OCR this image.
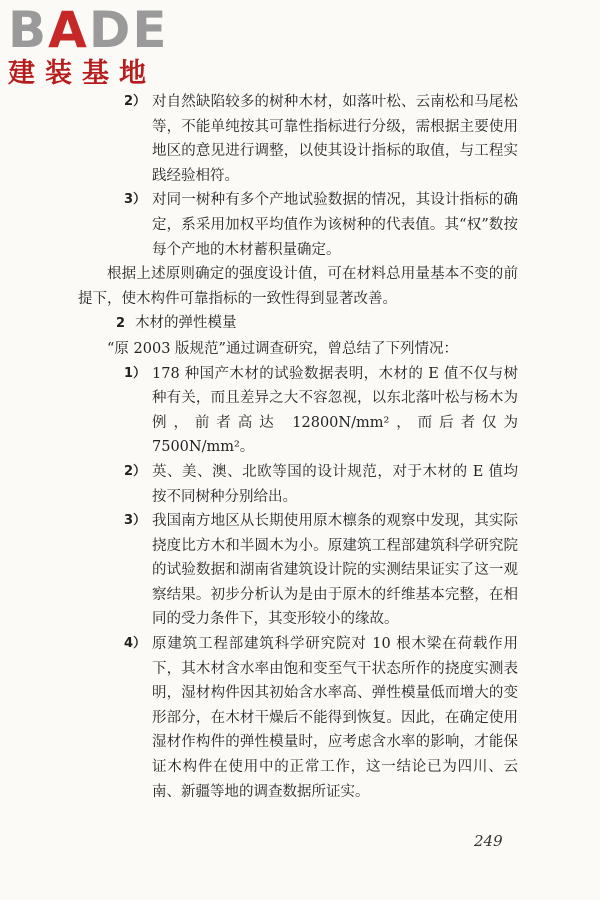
BADE
建装基地
2） 对自然缺陷较多的树种木材，如落叶松、云南松和马尾松等，不能单纯按其可靠性指标进行分级，需根据主要使用地区的意见进行调整，以使其设计指标的取值，与工程实践经验相符。
3） 对同一树种有多个产地试验数据的情况，其设计指标的确定，系采用加权平均值作为该树种的代表值。其“权”数按每个产地的木材蓄积量确定。
根据上述原则确定的强度设计值，可在材料总用量基本不变的前提下，使木构件可靠指标的一致性得到显著改善。
2 木材的弹性模量
“原 2003 版规范”通过调查研究，曾总结了下列情况：
1） 178 种国产木材的试验数据表明，木材的 E 值不仅与树种有关，而且差异之大不容忽视，以东北落叶松与杨木为例，前者高达 12800N/mm²，而后者仅为 7500N/mm²。
2） 英、美、澳、北欧等国的设计规范，对于木材的 E 值均按不同树种分别给出。
3） 我国南方地区从长期使用原木檩条的观察中发现，其实际挠度比方木和半圆木为小。原建筑工程部建筑科学研究院的试验数据和湖南省建筑设计院的实测结果证实了这一观察结果。初步分析认为是由于原木的纤维基本完整，在相同的受力条件下，其变形较小的缘故。
4） 原建筑工程部建筑科学研究院对 10 根木梁在荷载作用下，其木材含水率由饱和变至气干状态所作的挠度实测表明，湿材构件因其初始含水率高、弹性模量低而增大的变形部分，在木材干燥后不能得到恢复。因此，在确定使用湿材作构件的弹性模量时，应考虑含水率的影响，才能保证木构件在使用中的正常工作，这一结论已为四川、云南、新疆等地的调查数据所证实。
249
